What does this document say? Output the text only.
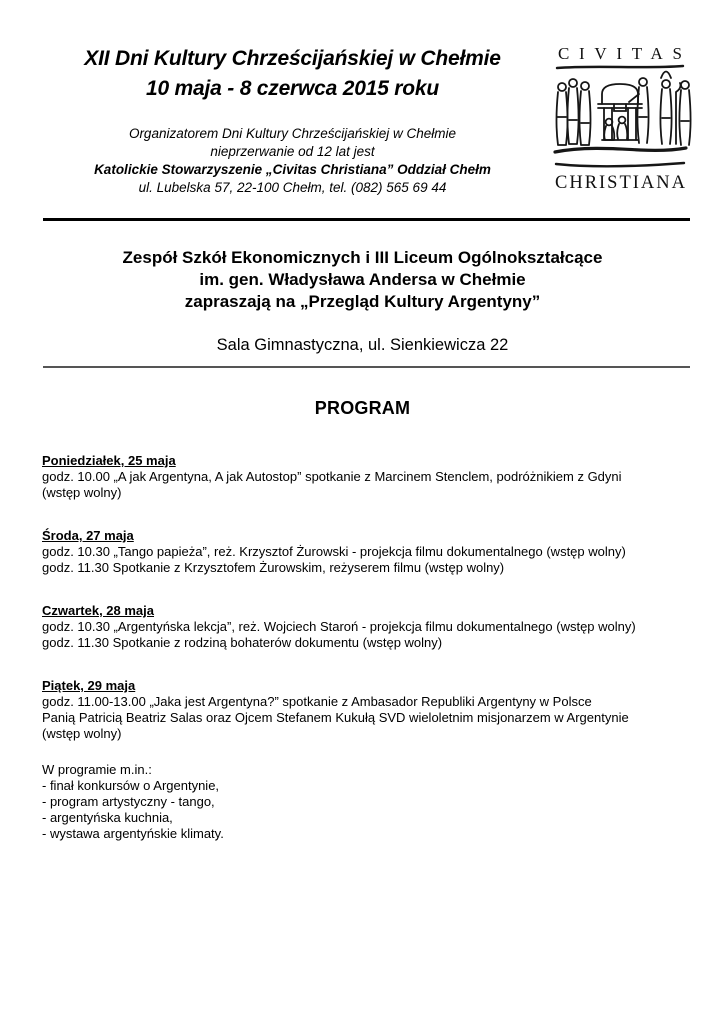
XII Dni Kultury Chrześcijańskiej w Chełmie
10 maja - 8 czerwca 2015 roku
Organizatorem Dni Kultury Chrześcijańskiej w Chełmie
nieprzerwanie od 12 lat jest
Katolickie Stowarzyszenie „Civitas Christiana” Oddział Chełm
ul. Lubelska 57, 22-100 Chełm, tel. (082) 565 69 44
CIVITAS
CHRISTIANA
Zespół Szkół Ekonomicznych i III Liceum Ogólnokształcące
im. gen. Władysława Andersa w Chełmie
zapraszają na „Przegląd Kultury Argentyny”
Sala Gimnastyczna, ul. Sienkiewicza 22
PROGRAM
Poniedziałek, 25 maja

godz. 10.00 „A jak Argentyna, A jak Autostop” spotkanie z Marcinem Stenclem, podróżnikiem z Gdyni

(wstęp wolny)

Środa, 27 maja

godz. 10.30 „Tango papieża”, reż. Krzysztof Żurowski - projekcja filmu dokumentalnego (wstęp wolny)

godz. 11.30 Spotkanie z Krzysztofem Żurowskim, reżyserem filmu (wstęp wolny)

Czwartek, 28 maja

godz. 10.30 „Argentyńska lekcja”, reż. Wojciech Staroń - projekcja filmu dokumentalnego (wstęp wolny)

godz. 11.30 Spotkanie z rodziną bohaterów dokumentu (wstęp wolny)

Piątek, 29 maja

godz. 11.00-13.00 „Jaka jest Argentyna?” spotkanie z Ambasador Republiki Argentyny w Polsce

Panią Patricią Beatriz Salas oraz Ojcem Stefanem Kukułą SVD wieloletnim misjonarzem w Argentynie

(wstęp wolny)

W programie m.in.:

- finał konkursów o Argentynie,

- program artystyczny - tango,

- argentyńska kuchnia,

- wystawa argentyńskie klimaty.
